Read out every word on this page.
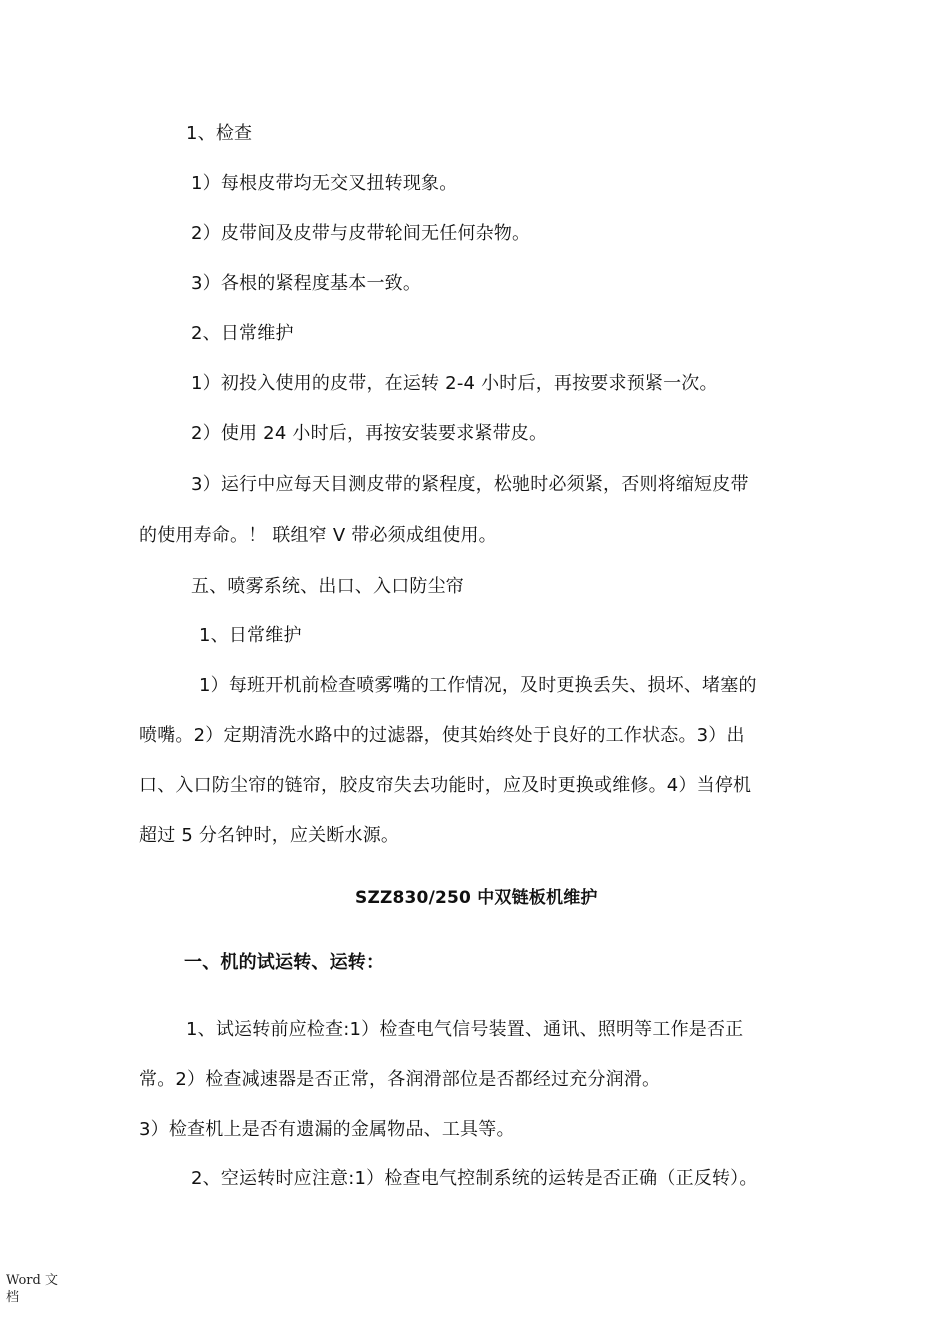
1、检查
1）每根皮带均无交叉扭转现象。
2）皮带间及皮带与皮带轮间无任何杂物。
3）各根的紧程度基本一致。
2、日常维护
1）初投入使用的皮带，在运转 2-4 小时后，再按要求预紧一次。
2）使用 24 小时后，再按安装要求紧带皮。
3）运行中应每天目测皮带的紧程度，松驰时必须紧，否则将缩短皮带
的使用寿命。！ 联组窄 V 带必须成组使用。
五、喷雾系统、出口、入口防尘帘
1、日常维护
1）每班开机前检查喷雾嘴的工作情况，及时更换丢失、损坏、堵塞的
喷嘴。2）定期清洗水路中的过滤器，使其始终处于良好的工作状态。3）出
口、入口防尘帘的链帘，胶皮帘失去功能时，应及时更换或维修。4）当停机
超过 5 分名钟时，应关断水源。
SZZ830/250 中双链板机维护
一、机的试运转、运转：
1、试运转前应检查:1）检查电气信号装置、通讯、照明等工作是否正
常。2）检查减速器是否正常，各润滑部位是否都经过充分润滑。
3）检查机上是否有遗漏的金属物品、工具等。
2、空运转时应注意:1）检查电气控制系统的运转是否正确（正反转）。
Word 文档
